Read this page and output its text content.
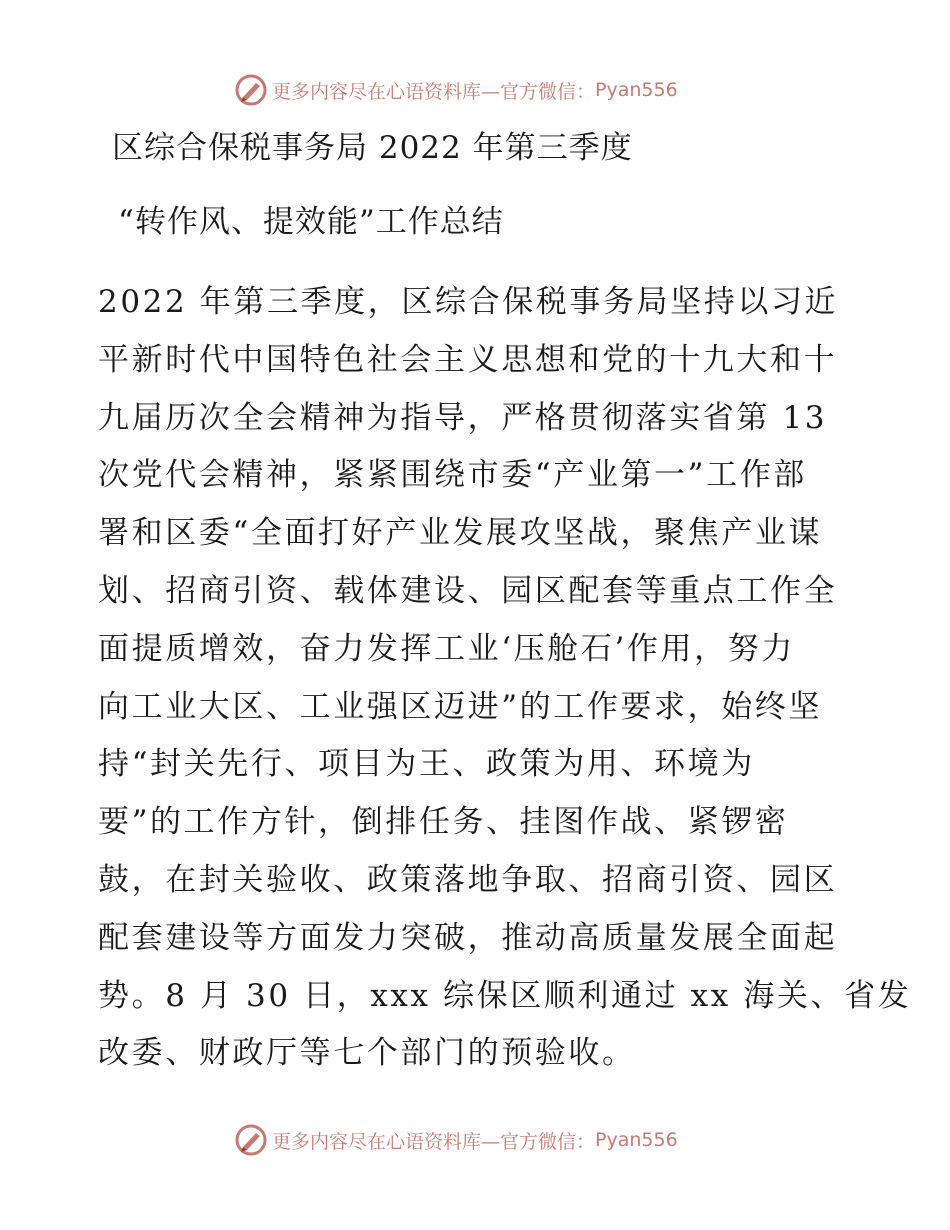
更多内容尽在心语资料库—官方微信： Pyan556
区综合保税事务局 2022 年第三季度
“转作风、提效能”工作总结
2022 年第三季度，区综合保税事务局坚持以习近
平新时代中国特色社会主义思想和党的十九大和十
九届历次全会精神为指导，严格贯彻落实省第 13
次党代会精神，紧紧围绕市委“产业第一”工作部
署和区委“全面打好产业发展攻坚战，聚焦产业谋
划、招商引资、载体建设、园区配套等重点工作全
面提质增效，奋力发挥工业‘压舱石’作用，努力
向工业大区、工业强区迈进”的工作要求，始终坚
持“封关先行、项目为王、政策为用、环境为
要”的工作方针，倒排任务、挂图作战、紧锣密
鼓，在封关验收、政策落地争取、招商引资、园区
配套建设等方面发力突破，推动高质量发展全面起
势。8 月 30 日，xxx 综保区顺利通过 xx 海关、省发
改委、财政厅等七个部门的预验收。
更多内容尽在心语资料库—官方微信： Pyan556
